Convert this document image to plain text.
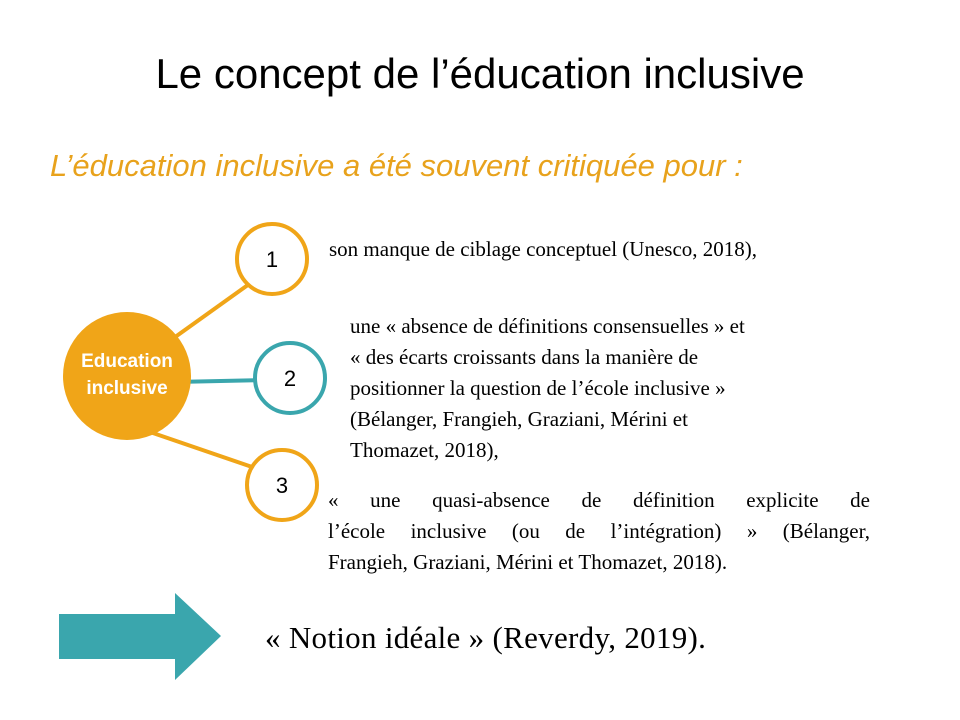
Le concept de l’éducation inclusive
L’éducation inclusive a été souvent critiquée pour :
Education
inclusive
1
2
3
son manque de ciblage conceptuel (Unesco, 2018),
une « absence de définitions consensuelles » et
« des écarts croissants dans la manière de
positionner la question de l’école inclusive »
(Bélanger, Frangieh, Graziani, Mérini et
Thomazet, 2018),
« une quasi-absence de définition explicite de
l’école inclusive (ou de l’intégration) » (Bélanger,
Frangieh, Graziani, Mérini et Thomazet, 2018).
« Notion idéale » (Reverdy, 2019).
